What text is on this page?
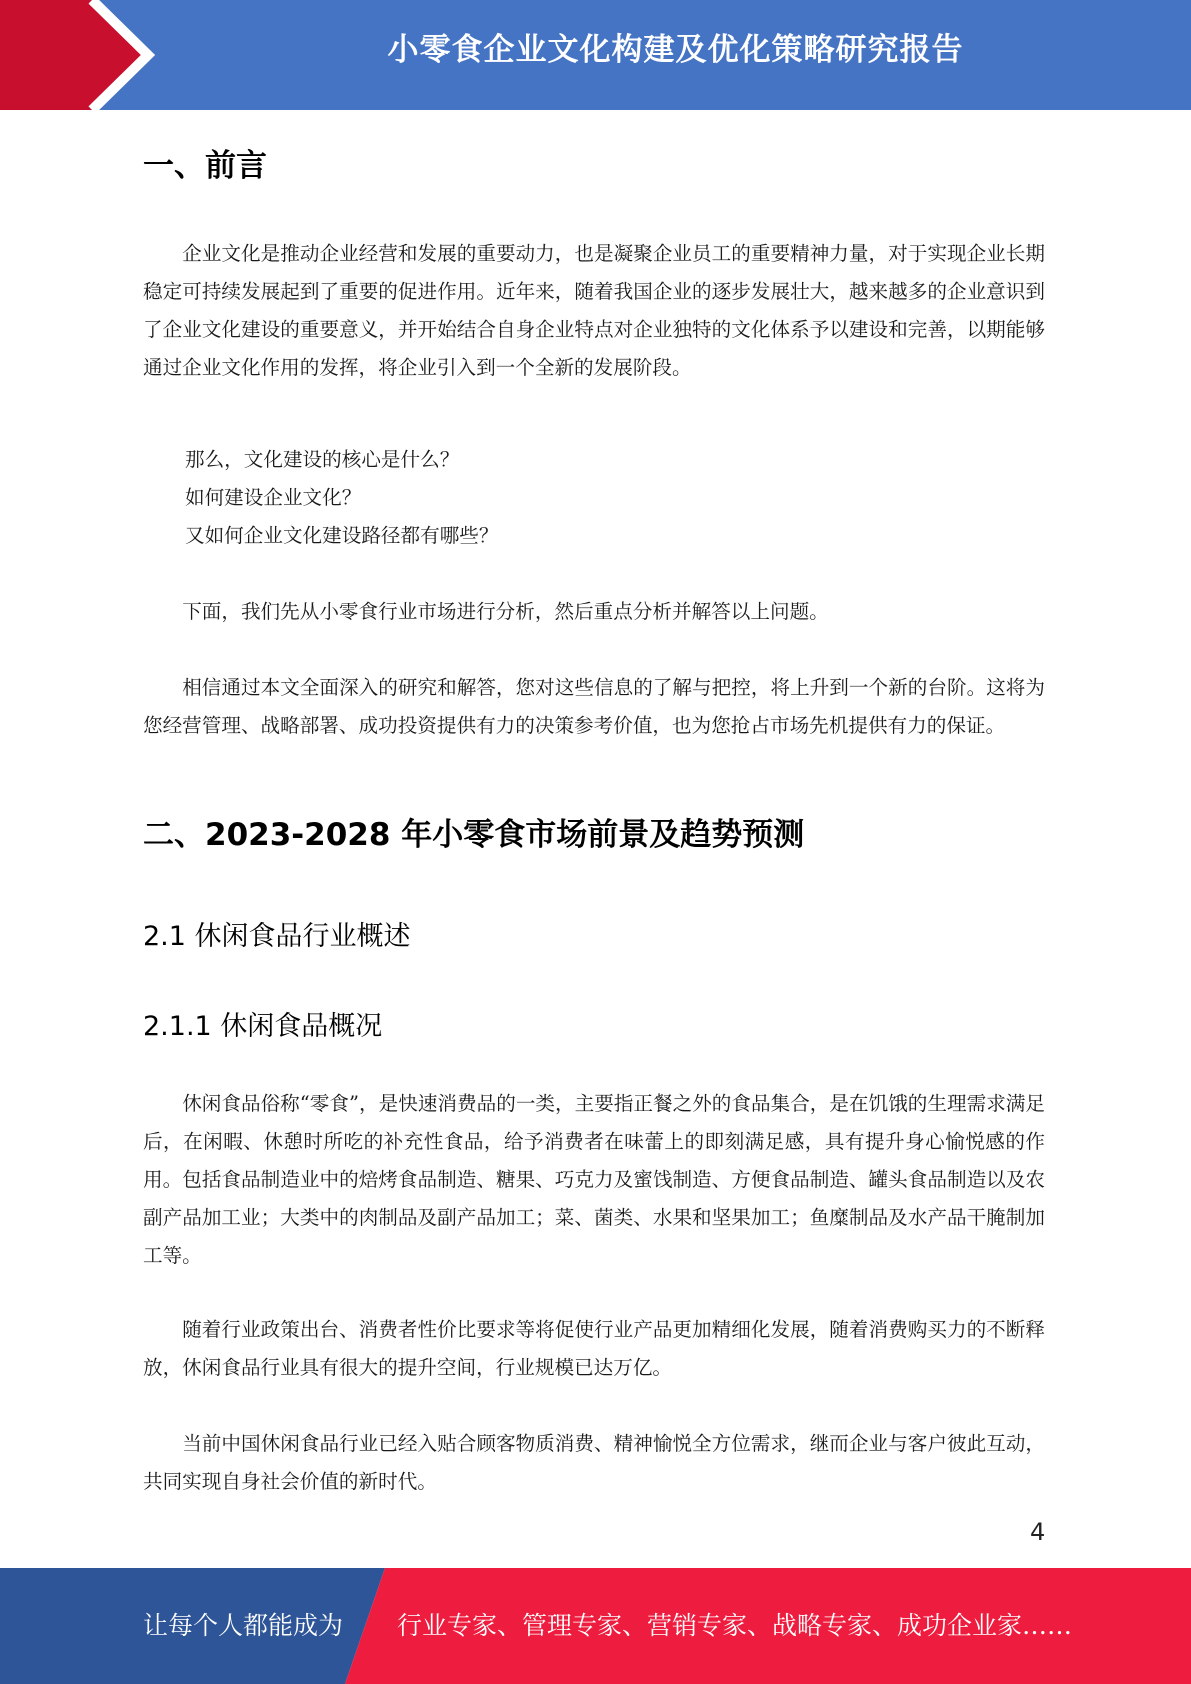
小零食企业文化构建及优化策略研究报告
一、前言

企业文化是推动企业经营和发展的重要动力，也是凝聚企业员工的重要精神力量，对于实现企业长期稳定可持续发展起到了重要的促进作用。近年来，随着我国企业的逐步发展壮大，越来越多的企业意识到了企业文化建设的重要意义，并开始结合自身企业特点对企业独特的文化体系予以建设和完善，以期能够通过企业文化作用的发挥，将企业引入到一个全新的发展阶段。

那么，文化建设的核心是什么？

如何建设企业文化？

又如何企业文化建设路径都有哪些？

下面，我们先从小零食行业市场进行分析，然后重点分析并解答以上问题。

相信通过本文全面深入的研究和解答，您对这些信息的了解与把控，将上升到一个新的台阶。这将为您经营管理、战略部署、成功投资提供有力的决策参考价值，也为您抢占市场先机提供有力的保证。

二、2023-2028 年小零食市场前景及趋势预测
2.1 休闲食品行业概述
2.1.1 休闲食品概况

休闲食品俗称“零食”，是快速消费品的一类，主要指正餐之外的食品集合，是在饥饿的生理需求满足后，在闲暇、休憩时所吃的补充性食品，给予消费者在味蕾上的即刻满足感，具有提升身心愉悦感的作用。包括食品制造业中的焙烤食品制造、糖果、巧克力及蜜饯制造、方便食品制造、罐头食品制造以及农副产品加工业；大类中的肉制品及副产品加工；菜、菌类、水果和坚果加工；鱼糜制品及水产品干腌制加工等。

随着行业政策出台、消费者性价比要求等将促使行业产品更加精细化发展，随着消费购买力的不断释放，休闲食品行业具有很大的提升空间，行业规模已达万亿。

当前中国休闲食品行业已经入贴合顾客物质消费、精神愉悦全方位需求，继而企业与客户彼此互动，共同实现自身社会价值的新时代。

4
让每个人都能成为 行业专家、管理专家、营销专家、战略专家、成功企业家……
